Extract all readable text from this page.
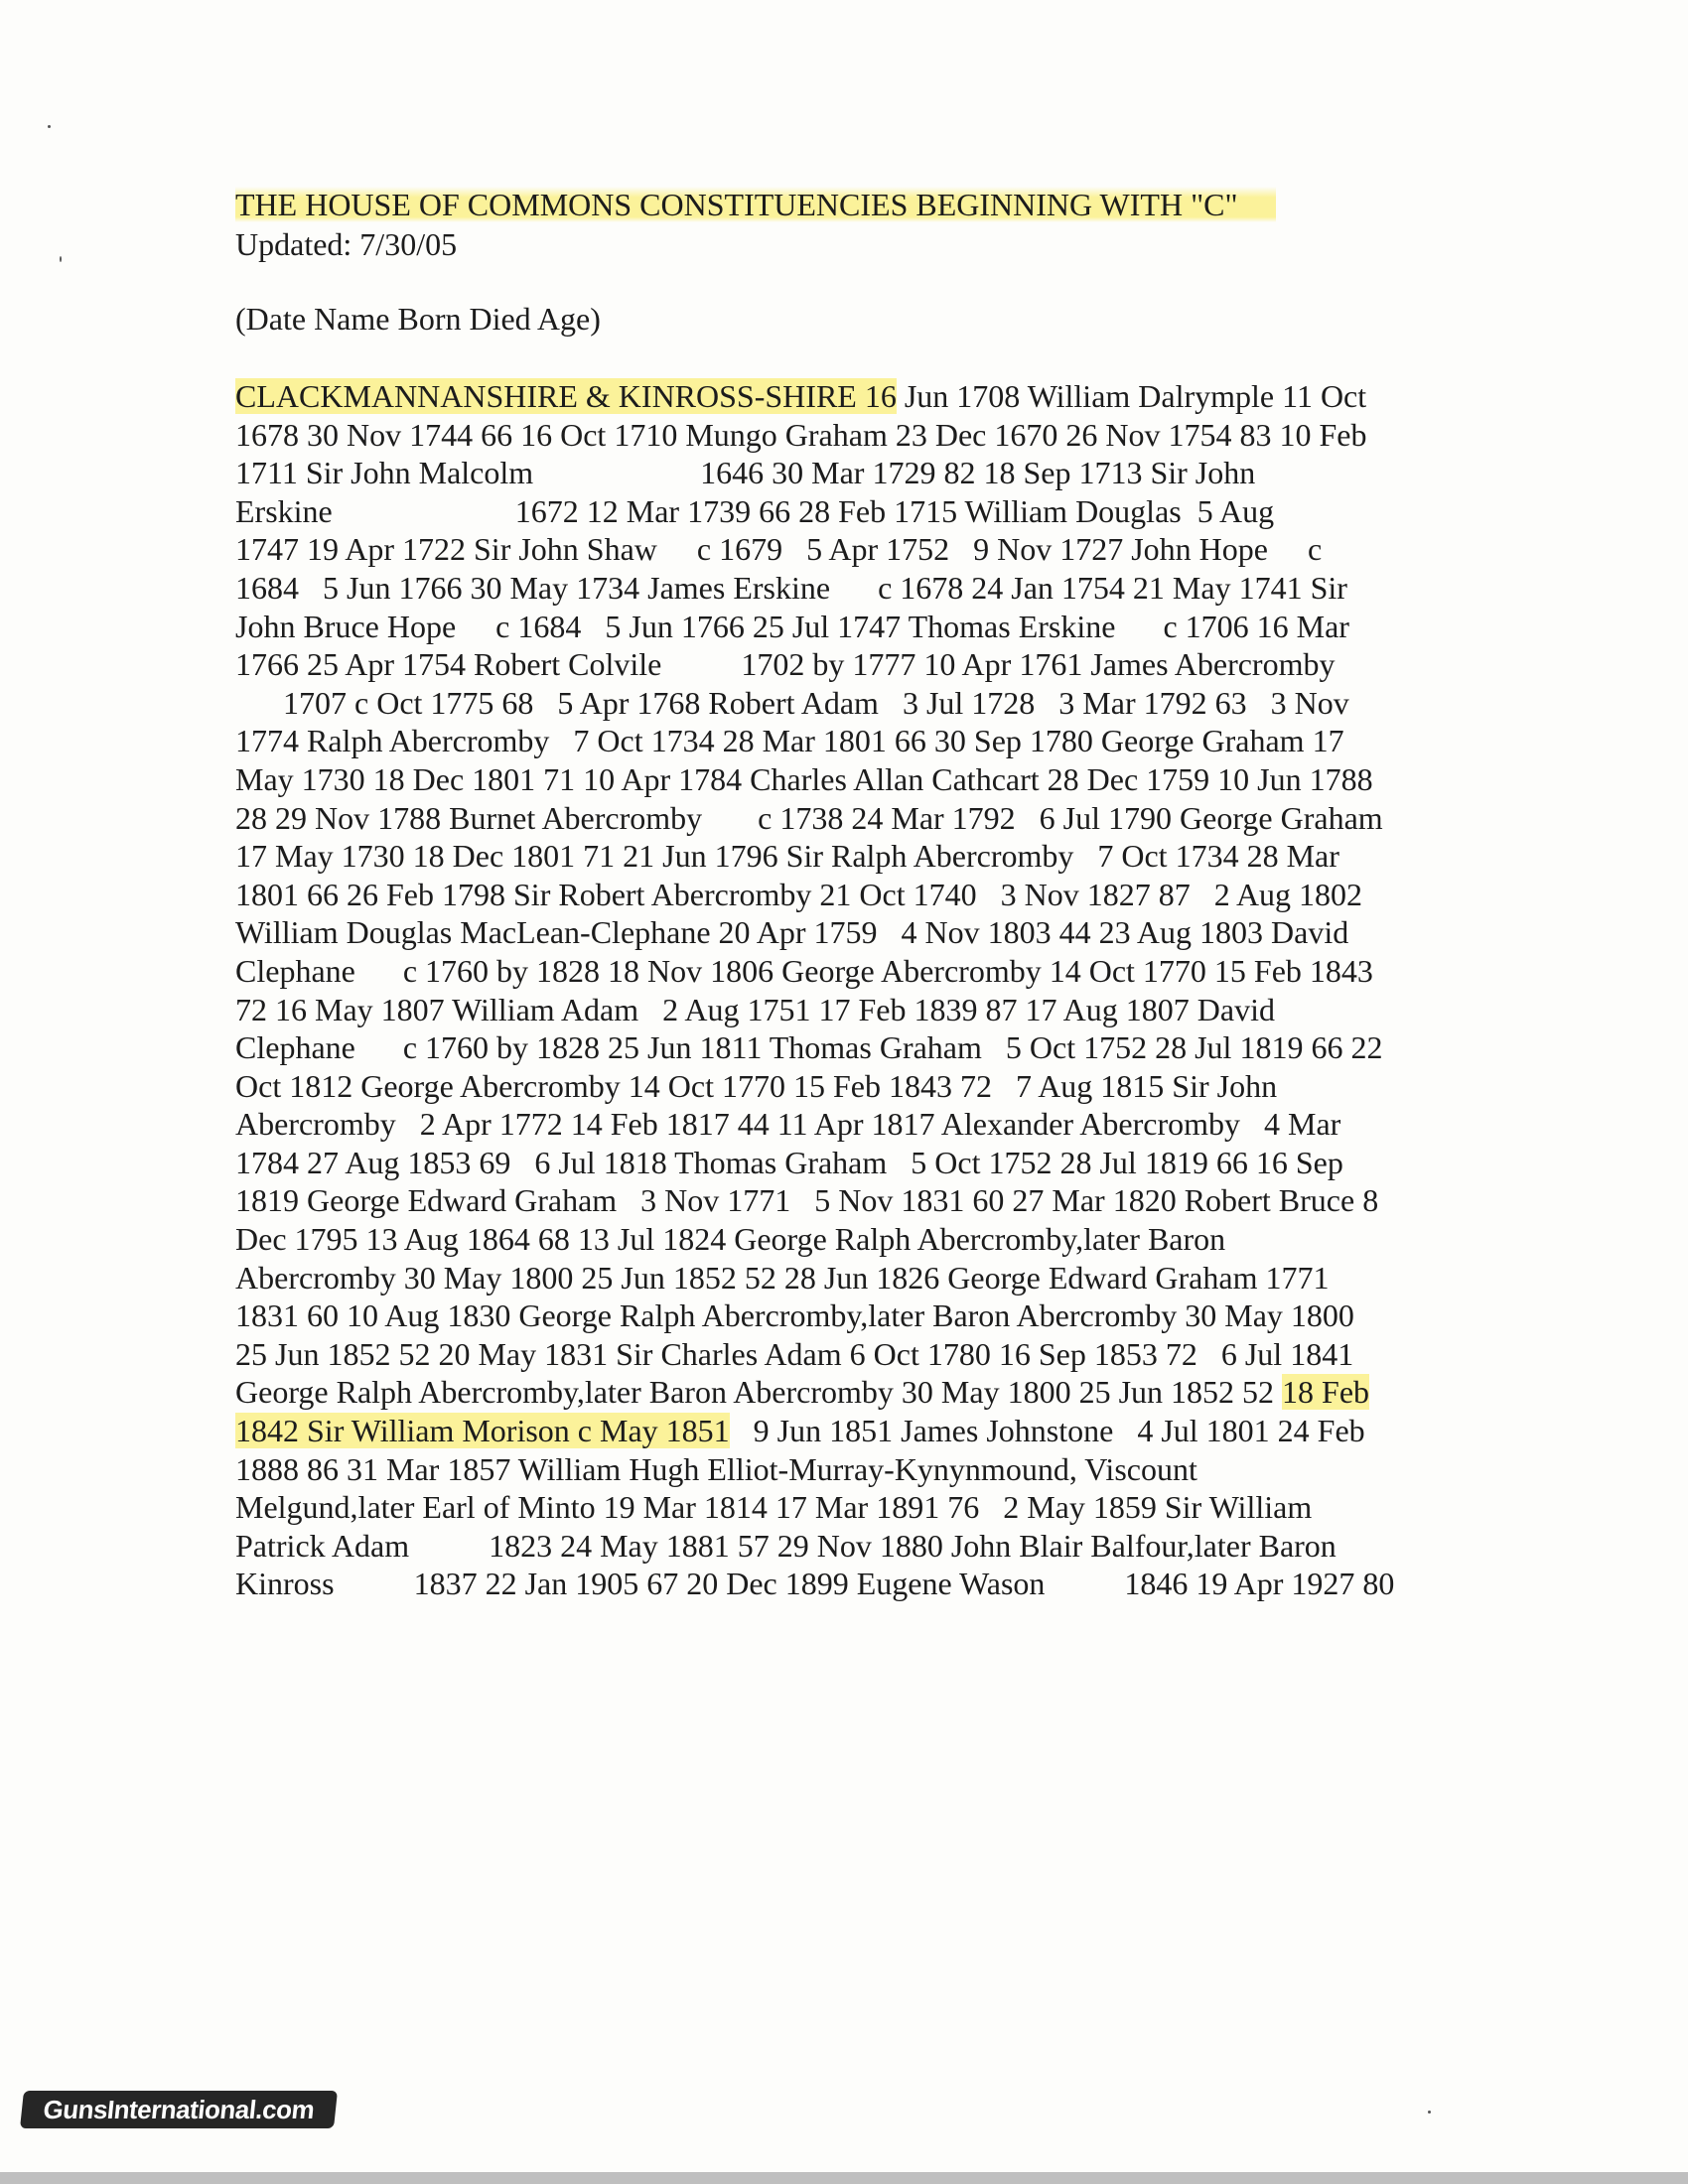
THE HOUSE OF COMMONS CONSTITUENCIES BEGINNING WITH "C"
Updated: 7/30/05
(Date Name Born Died Age)
CLACKMANNANSHIRE & KINROSS-SHIRE 16 Jun 1708 William Dalrymple 11 Oct
1678 30 Nov 1744 66 16 Oct 1710 Mungo Graham 23 Dec 1670 26 Nov 1754 83 10 Feb
1711 Sir John Malcolm                     1646 30 Mar 1729 82 18 Sep 1713 Sir John
Erskine                       1672 12 Mar 1739 66 28 Feb 1715 William Douglas  5 Aug
1747 19 Apr 1722 Sir John Shaw     c 1679   5 Apr 1752   9 Nov 1727 John Hope     c
1684   5 Jun 1766 30 May 1734 James Erskine      c 1678 24 Jan 1754 21 May 1741 Sir
John Bruce Hope     c 1684   5 Jun 1766 25 Jul 1747 Thomas Erskine      c 1706 16 Mar
1766 25 Apr 1754 Robert Colvile          1702 by 1777 10 Apr 1761 James Abercromby
1707 c Oct 1775 68   5 Apr 1768 Robert Adam   3 Jul 1728   3 Mar 1792 63   3 Nov
1774 Ralph Abercromby   7 Oct 1734 28 Mar 1801 66 30 Sep 1780 George Graham 17
May 1730 18 Dec 1801 71 10 Apr 1784 Charles Allan Cathcart 28 Dec 1759 10 Jun 1788
28 29 Nov 1788 Burnet Abercromby       c 1738 24 Mar 1792   6 Jul 1790 George Graham
17 May 1730 18 Dec 1801 71 21 Jun 1796 Sir Ralph Abercromby   7 Oct 1734 28 Mar
1801 66 26 Feb 1798 Sir Robert Abercromby 21 Oct 1740   3 Nov 1827 87   2 Aug 1802
William Douglas MacLean-Clephane 20 Apr 1759   4 Nov 1803 44 23 Aug 1803 David
Clephane      c 1760 by 1828 18 Nov 1806 George Abercromby 14 Oct 1770 15 Feb 1843
72 16 May 1807 William Adam   2 Aug 1751 17 Feb 1839 87 17 Aug 1807 David
Clephane      c 1760 by 1828 25 Jun 1811 Thomas Graham   5 Oct 1752 28 Jul 1819 66 22
Oct 1812 George Abercromby 14 Oct 1770 15 Feb 1843 72   7 Aug 1815 Sir John
Abercromby   2 Apr 1772 14 Feb 1817 44 11 Apr 1817 Alexander Abercromby   4 Mar
1784 27 Aug 1853 69   6 Jul 1818 Thomas Graham   5 Oct 1752 28 Jul 1819 66 16 Sep
1819 George Edward Graham   3 Nov 1771   5 Nov 1831 60 27 Mar 1820 Robert Bruce 8
Dec 1795 13 Aug 1864 68 13 Jul 1824 George Ralph Abercromby,later Baron
Abercromby 30 May 1800 25 Jun 1852 52 28 Jun 1826 George Edward Graham 1771
1831 60 10 Aug 1830 George Ralph Abercromby,later Baron Abercromby 30 May 1800
25 Jun 1852 52 20 May 1831 Sir Charles Adam 6 Oct 1780 16 Sep 1853 72   6 Jul 1841
George Ralph Abercromby,later Baron Abercromby 30 May 1800 25 Jun 1852 52 18 Feb
1842 Sir William Morison c May 1851   9 Jun 1851 James Johnstone   4 Jul 1801 24 Feb
1888 86 31 Mar 1857 William Hugh Elliot-Murray-Kynynmound, Viscount
Melgund,later Earl of Minto 19 Mar 1814 17 Mar 1891 76   2 May 1859 Sir William
Patrick Adam          1823 24 May 1881 57 29 Nov 1880 John Blair Balfour,later Baron
Kinross          1837 22 Jan 1905 67 20 Dec 1899 Eugene Wason          1846 19 Apr 1927 80
GunsInternational.com
